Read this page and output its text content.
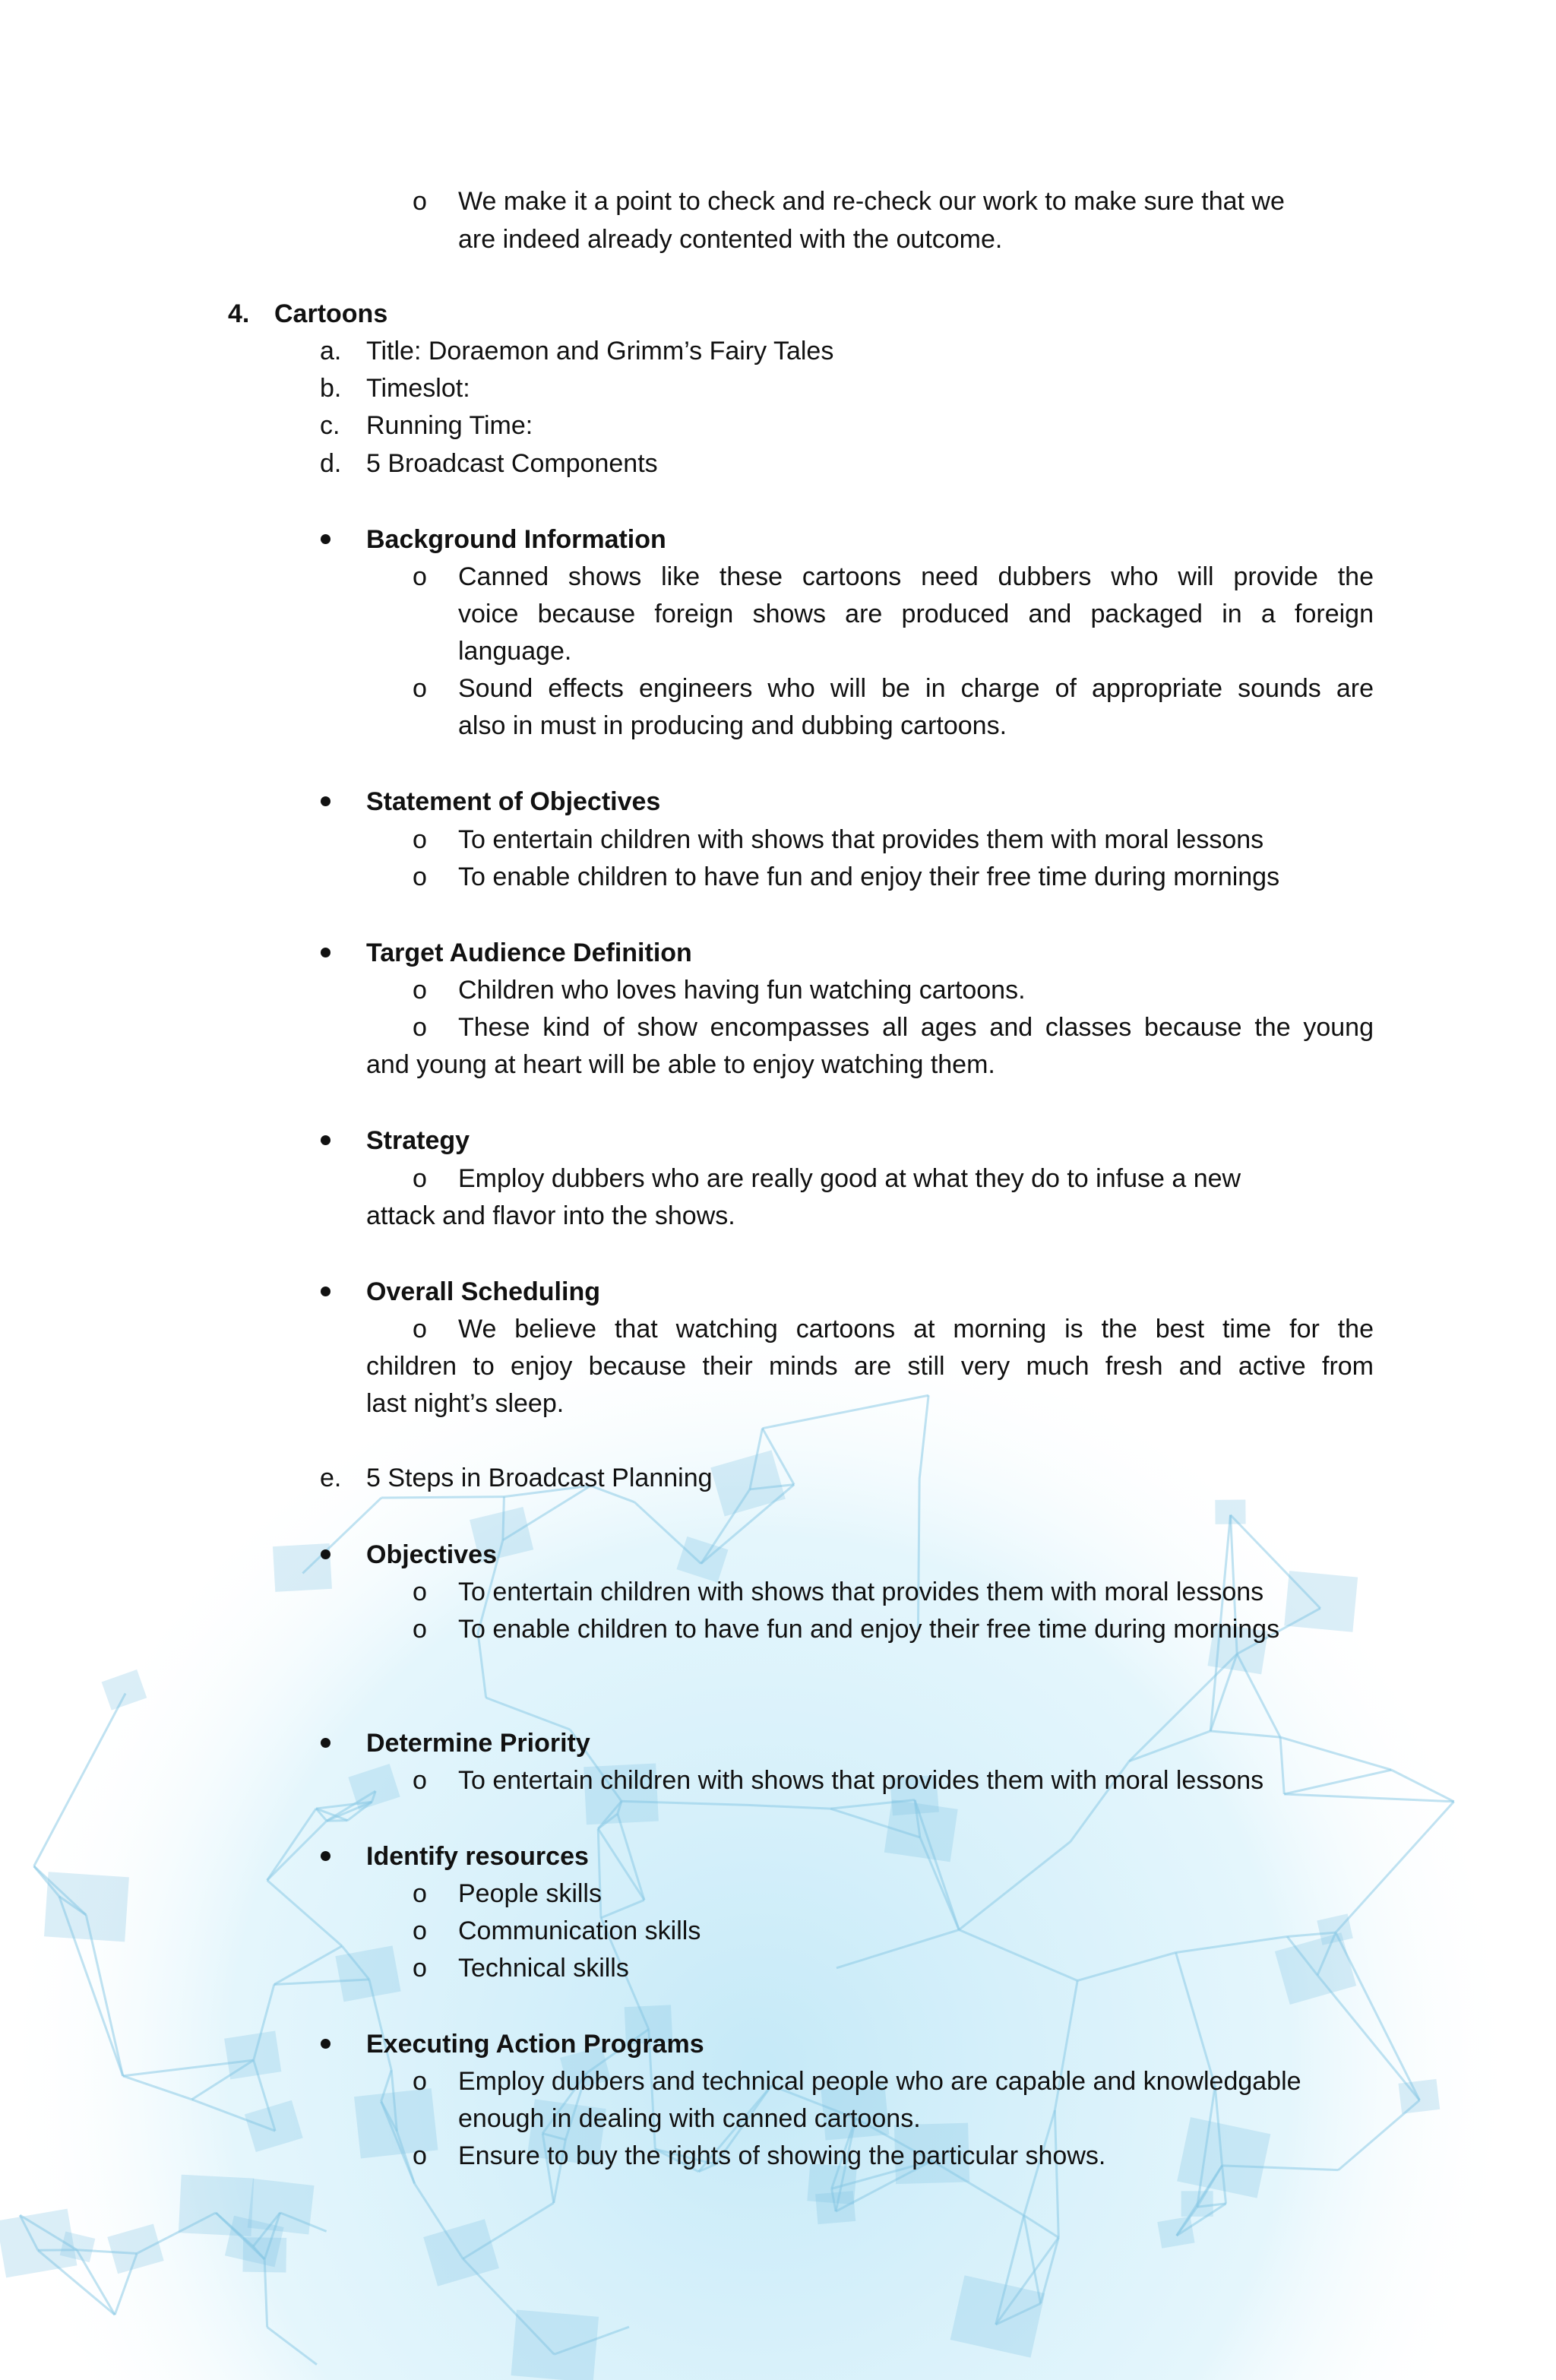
o We make it a point to check and re-check our work to make sure that we
are indeed already contented with the outcome.
4. Cartoons
a. Title: Doraemon and Grimm’s Fairy Tales
b. Timeslot:
c. Running Time:
d. 5 Broadcast Components
Background Information
o Canned shows like these cartoons need dubbers who will provide the
voice because foreign shows are produced and packaged in a foreign
language.
o Sound effects engineers who will be in charge of appropriate sounds are
also in must in producing and dubbing cartoons.
Statement of Objectives
o To entertain children with shows that provides them with moral lessons
o To enable children to have fun and enjoy their free time during mornings
Target Audience Definition
o Children who loves having fun watching cartoons.
o These kind of show encompasses all ages and classes because the young
and young at heart will be able to enjoy watching them.
Strategy
o Employ dubbers who are really good at what they do to infuse a new
attack and flavor into the shows.
Overall Scheduling
o We believe that watching cartoons at morning is the best time for the
children to enjoy because their minds are still very much fresh and active from
last night’s sleep.
e. 5 Steps in Broadcast Planning
Objectives
o To entertain children with shows that provides them with moral lessons
o To enable children to have fun and enjoy their free time during mornings
Determine Priority
o To entertain children with shows that provides them with moral lessons
Identify resources
o People skills
o Communication skills
o Technical skills
Executing Action Programs
o Employ dubbers and technical people who are capable and knowledgable
enough in dealing with canned cartoons.
o Ensure to buy the rights of showing the particular shows.
